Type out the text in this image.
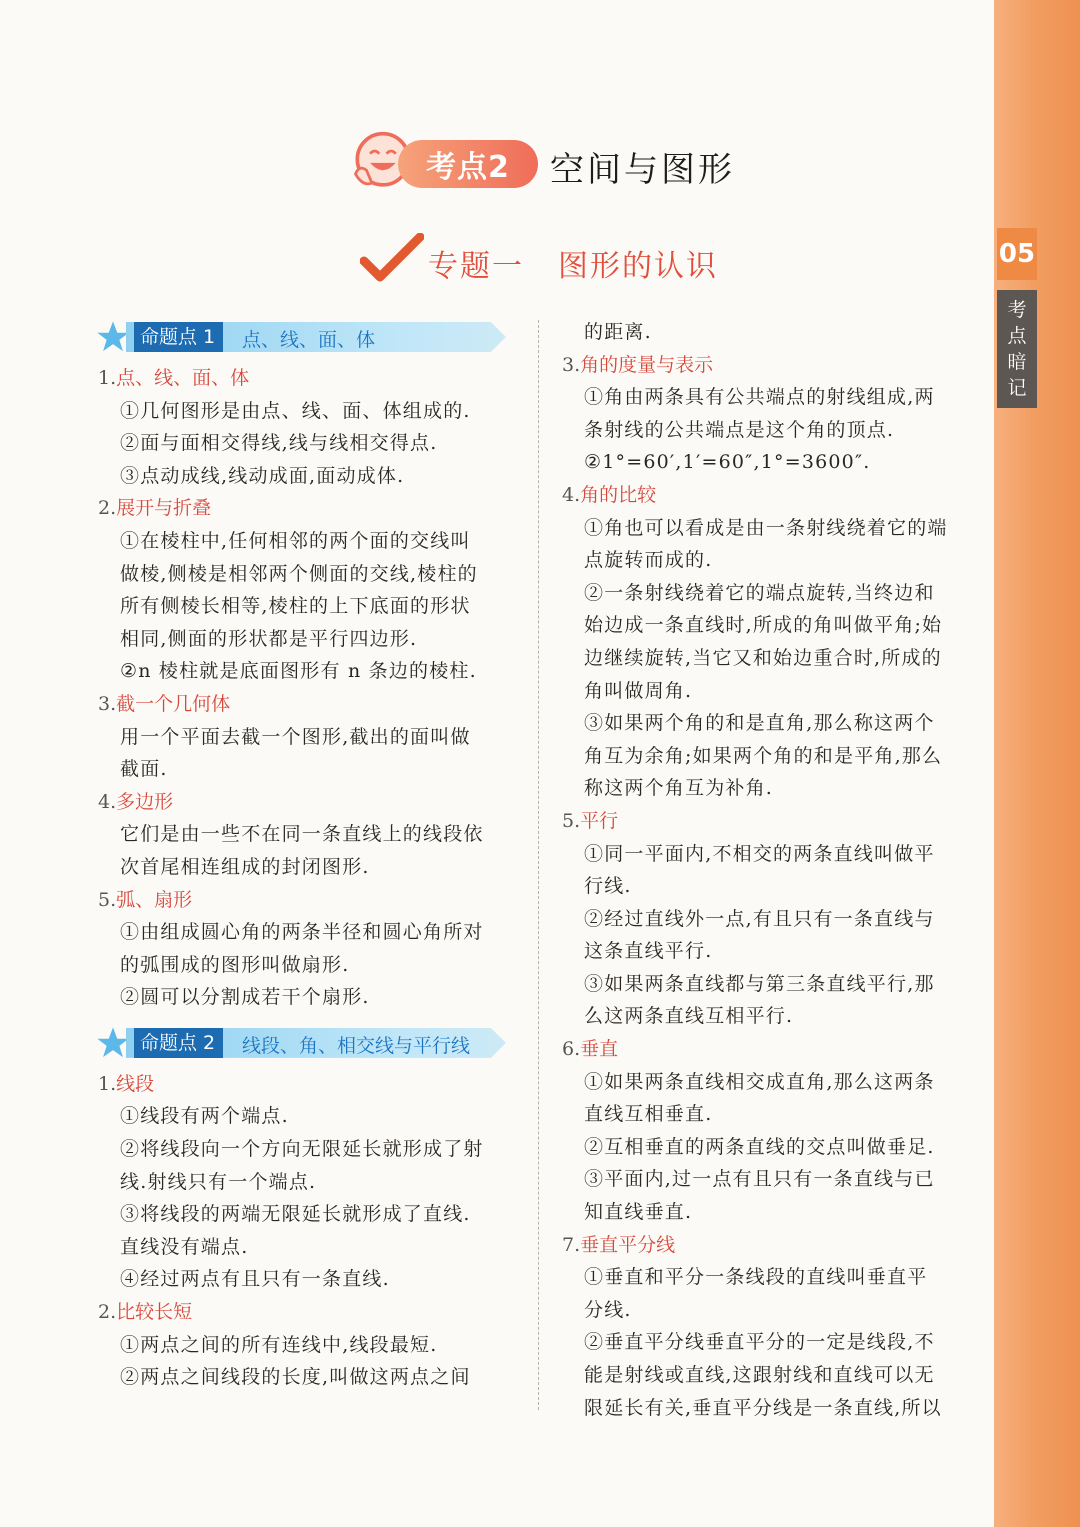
05
考
点
暗
记
考点2	空间与图形
专题一 图形的认识
命题点 1	点、线、面、体
1.点、线、面、体
①几何图形是由点、线、面、体组成的.
②面与面相交得线,线与线相交得点.
③点动成线,线动成面,面动成体.
2.展开与折叠
①在棱柱中,任何相邻的两个面的交线叫
做棱,侧棱是相邻两个侧面的交线,棱柱的
所有侧棱长相等,棱柱的上下底面的形状
相同,侧面的形状都是平行四边形.
②n 棱柱就是底面图形有 n 条边的棱柱.
3.截一个几何体
用一个平面去截一个图形,截出的面叫做
截面.
4.多边形
它们是由一些不在同一条直线上的线段依
次首尾相连组成的封闭图形.
5.弧、扇形
①由组成圆心角的两条半径和圆心角所对
的弧围成的图形叫做扇形.
②圆可以分割成若干个扇形.
命题点 2	线段、角、相交线与平行线
1.线段
①线段有两个端点.
②将线段向一个方向无限延长就形成了射
线.射线只有一个端点.
③将线段的两端无限延长就形成了直线.
直线没有端点.
④经过两点有且只有一条直线.
2.比较长短
①两点之间的所有连线中,线段最短.
②两点之间线段的长度,叫做这两点之间
的距离.
3.角的度量与表示
①角由两条具有公共端点的射线组成,两
条射线的公共端点是这个角的顶点.
②1°=60′,1′=60″,1°=3600″.
4.角的比较
①角也可以看成是由一条射线绕着它的端
点旋转而成的.
②一条射线绕着它的端点旋转,当终边和
始边成一条直线时,所成的角叫做平角;始
边继续旋转,当它又和始边重合时,所成的
角叫做周角.
③如果两个角的和是直角,那么称这两个
角互为余角;如果两个角的和是平角,那么
称这两个角互为补角.
5.平行
①同一平面内,不相交的两条直线叫做平
行线.
②经过直线外一点,有且只有一条直线与
这条直线平行.
③如果两条直线都与第三条直线平行,那
么这两条直线互相平行.
6.垂直
①如果两条直线相交成直角,那么这两条
直线互相垂直.
②互相垂直的两条直线的交点叫做垂足.
③平面内,过一点有且只有一条直线与已
知直线垂直.
7.垂直平分线
①垂直和平分一条线段的直线叫垂直平
分线.
②垂直平分线垂直平分的一定是线段,不
能是射线或直线,这跟射线和直线可以无
限延长有关,垂直平分线是一条直线,所以
